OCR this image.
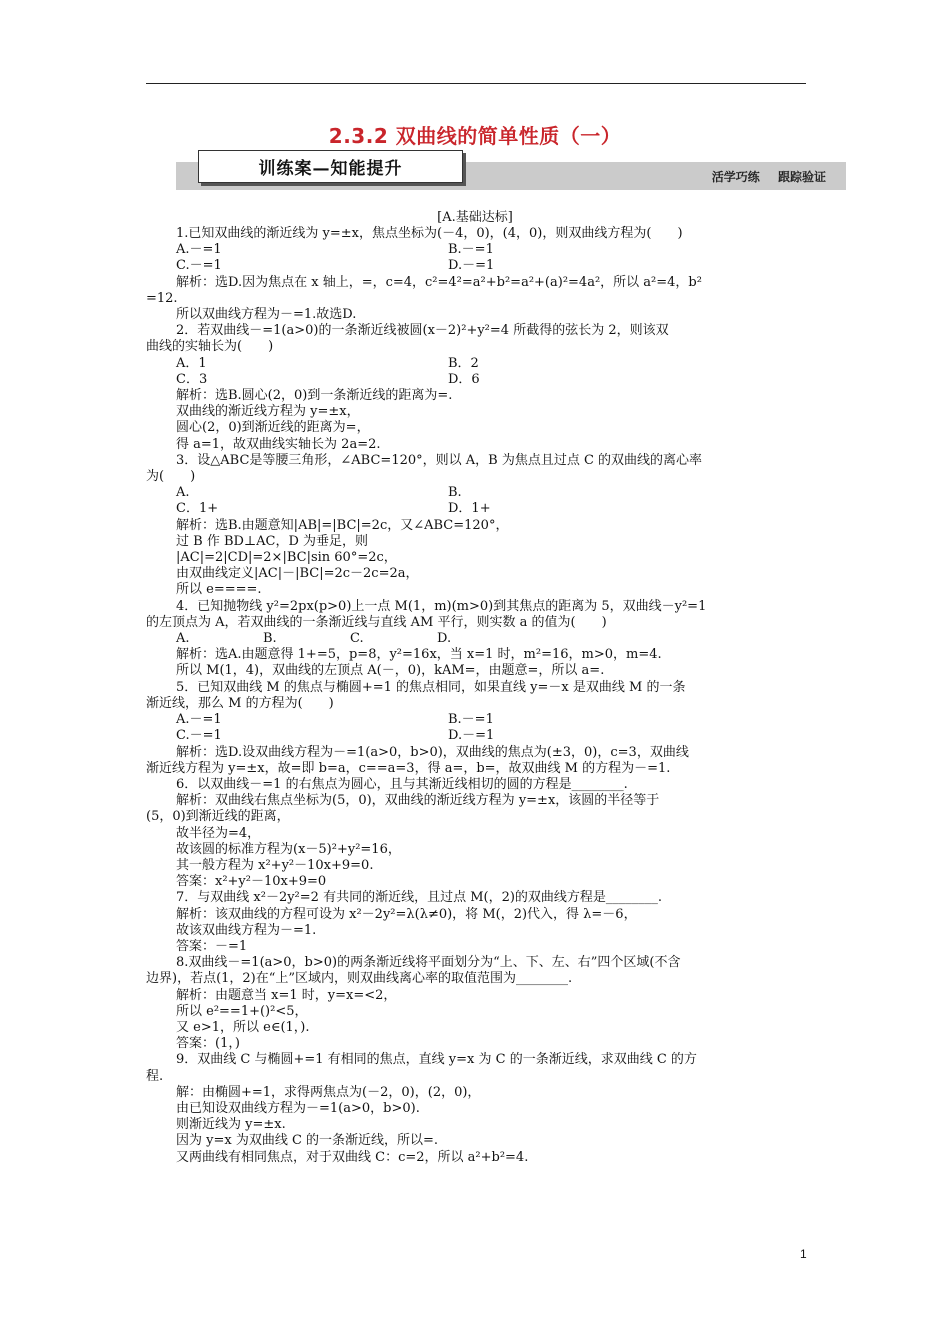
2.3.2 双曲线的简单性质（一）
训练案—知能提升	活学巧练 跟踪验证
[A.基础达标]

1.已知双曲线的渐近线为 y=±x，焦点坐标为(－4，0)，(4，0)，则双曲线方程为(　　)

A.－=1	B.－=1
C.－=1	D.－=1

解析：选D.因为焦点在 x 轴上，=，c=4，c²=4²=a²+b²=a²+(a)²=4a²，所以 a²=4，b²

=12.

所以双曲线方程为－=1.故选D.

2．若双曲线－=1(a>0)的一条渐近线被圆(x－2)²+y²=4 所截得的弦长为 2，则该双

曲线的实轴长为(　　)

A．1	B．2
C．3	D．6

解析：选B.圆心(2，0)到一条渐近线的距离为=.

双曲线的渐近线方程为 y=±x，

圆心(2，0)到渐近线的距离为=，

得 a=1，故双曲线实轴长为 2a=2.

3．设△ABC是等腰三角形，∠ABC=120°，则以 A，B 为焦点且过点 C 的双曲线的离心率

为(　　)

A.	B.
C．1+	D．1+

解析：选B.由题意知|AB|=|BC|=2c，又∠ABC=120°，

过 B 作 BD⊥AC，D 为垂足，则

|AC|=2|CD|=2×|BC|sin 60°=2c，

由双曲线定义|AC|－|BC|=2c－2c=2a，

所以 e====.

4．已知抛物线 y²=2px(p>0)上一点 M(1，m)(m>0)到其焦点的距离为 5，双曲线－y²=1

的左顶点为 A，若双曲线的一条渐近线与直线 AM 平行，则实数 a 的值为(　　)

A.	B.	C.	D.

解析：选A.由题意得 1+=5，p=8，y²=16x，当 x=1 时，m²=16，m>0，m=4.

所以 M(1，4)，双曲线的左顶点 A(－，0)，kAM=，由题意=，所以 a=.

5．已知双曲线 M 的焦点与椭圆+=1 的焦点相同，如果直线 y=－x 是双曲线 M 的一条

渐近线，那么 M 的方程为(　　)

A.－=1	B.－=1
C.－=1	D.－=1

解析：选D.设双曲线方程为－=1(a>0，b>0)，双曲线的焦点为(±3，0)，c=3，双曲线

渐近线方程为 y=±x，故=即 b=a，c==a=3，得 a=，b=，故双曲线 M 的方程为－=1.

6．以双曲线－=1 的右焦点为圆心，且与其渐近线相切的圆的方程是________.

解析：双曲线右焦点坐标为(5，0)，双曲线的渐近线方程为 y=±x，该圆的半径等于

(5，0)到渐近线的距离，

故半径为=4，

故该圆的标准方程为(x－5)²+y²=16，

其一般方程为 x²+y²－10x+9=0.

答案：x²+y²－10x+9=0

7．与双曲线 x²－2y²=2 有共同的渐近线，且过点 M(，2)的双曲线方程是________.

解析：该双曲线的方程可设为 x²－2y²=λ(λ≠0)，将 M(，2)代入，得 λ=－6，

故该双曲线方程为－=1.

答案：－=1

8.双曲线－=1(a>0，b>0)的两条渐近线将平面划分为“上、下、左、右”四个区域(不含

边界)，若点(1，2)在“上”区域内，则双曲线离心率的取值范围为________.

解析：由题意当 x=1 时，y=x=<2，

所以 e²==1+()²<5，

又 e>1，所以 e∈(1，).

答案：(1，)

9．双曲线 C 与椭圆+=1 有相同的焦点，直线 y=x 为 C 的一条渐近线，求双曲线 C 的方

程.

解：由椭圆+=1，求得两焦点为(－2，0)，(2，0)，

由已知设双曲线方程为－=1(a>0，b>0).

则渐近线为 y=±x.

因为 y=x 为双曲线 C 的一条渐近线，所以=.

又两曲线有相同焦点，对于双曲线 C：c=2，所以 a²+b²=4.

1
